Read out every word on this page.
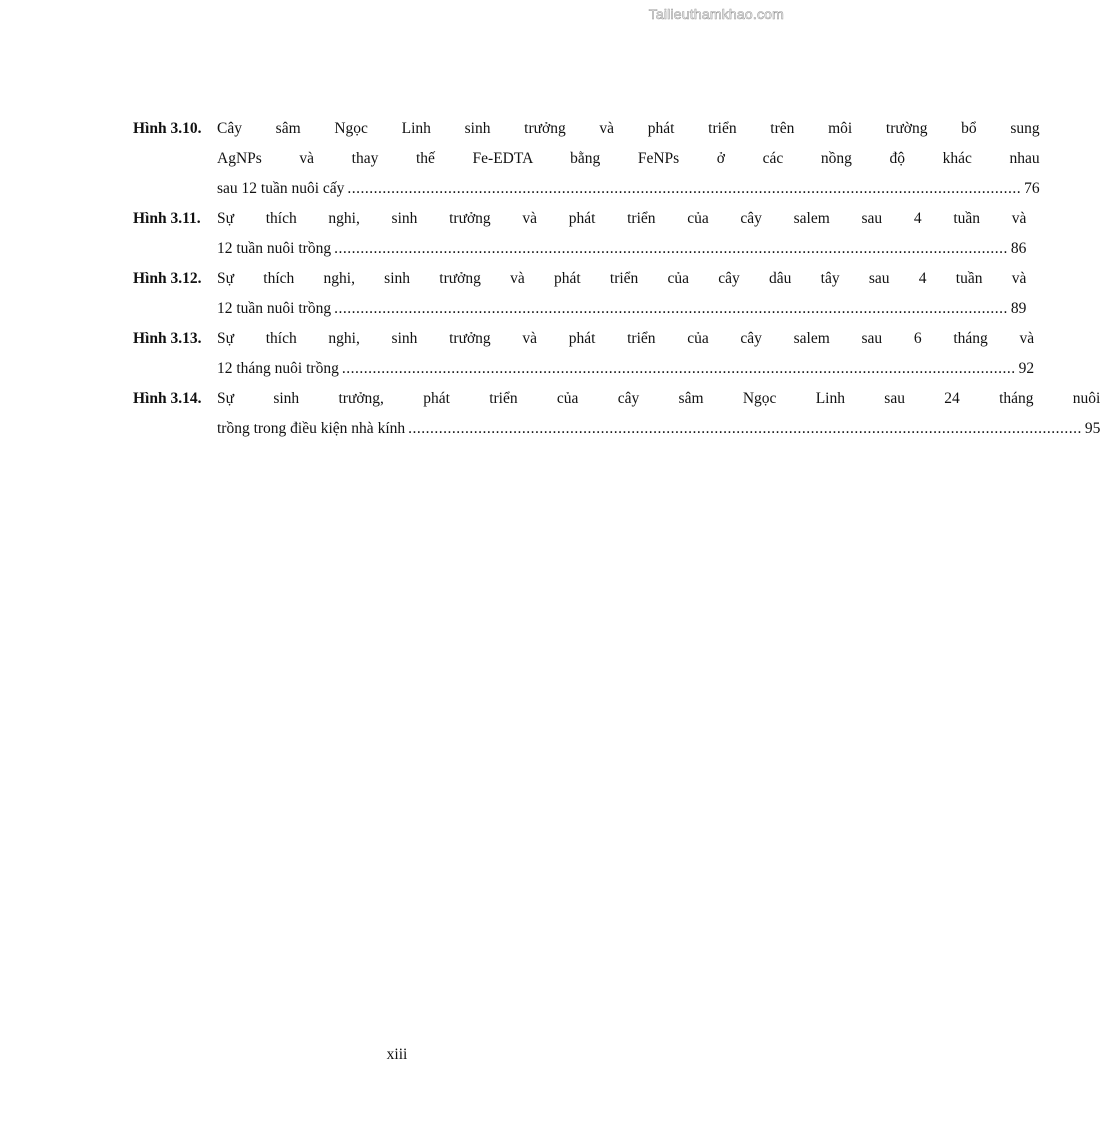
Tailieuthamkhao.com
Hình 3.10.	Cây sâm Ngọc Linh sinh trưởng và phát triển trên môi trường bổ sung
AgNPs và thay thế Fe-EDTA bằng FeNPs ở các nồng độ khác nhau
sau 12 tuần nuôi cấy .......................................................................................................................................................... 76
Hình 3.11.	Sự thích nghi, sinh trưởng và phát triển của cây salem sau 4 tuần và
12 tuần nuôi trồng .......................................................................................................................................................... 86
Hình 3.12.	Sự thích nghi, sinh trưởng và phát triển của cây dâu tây sau 4 tuần và
12 tuần nuôi trồng .......................................................................................................................................................... 89
Hình 3.13.	Sự thích nghi, sinh trưởng và phát triển của cây salem sau 6 tháng và
12 tháng nuôi trồng .......................................................................................................................................................... 92
Hình 3.14.	Sự sinh trưởng, phát triển của cây sâm Ngọc Linh sau 24 tháng nuôi
trồng trong điều kiện nhà kính .......................................................................................................................................................... 95
xiii
